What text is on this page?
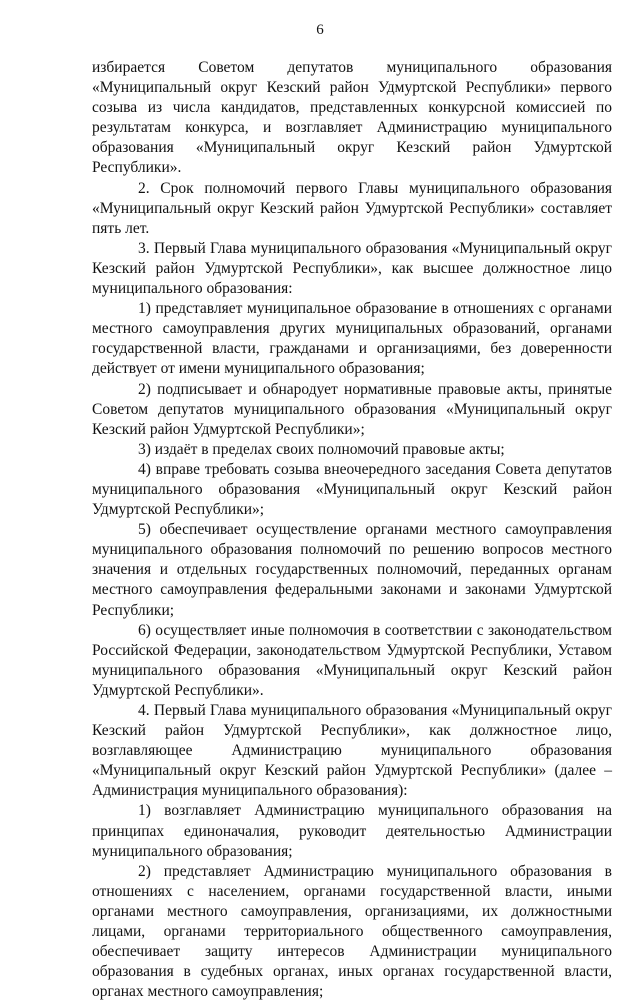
6

избирается Советом депутатов муниципального образования «Муниципальный округ Кезский район Удмуртской Республики» первого созыва из числа кандидатов, представленных конкурсной комиссией по результатам конкурса, и возглавляет Администрацию муниципального образования «Муниципальный округ Кезский район Удмуртской Республики».

2. Срок полномочий первого Главы муниципального образования «Муниципальный округ Кезский район Удмуртской Республики» составляет пять лет.

3. Первый Глава муниципального образования «Муниципальный округ Кезский район Удмуртской Республики», как высшее должностное лицо муниципального образования:

1) представляет муниципальное образование в отношениях с органами местного самоуправления других муниципальных образований, органами государственной власти, гражданами и организациями, без доверенности действует от имени муниципального образования;

2) подписывает и обнародует нормативные правовые акты, принятые Советом депутатов муниципального образования «Муниципальный округ Кезский район Удмуртской Республики»;

3) издаёт в пределах своих полномочий правовые акты;

4) вправе требовать созыва внеочередного заседания Совета депутатов муниципального образования «Муниципальный округ Кезский район Удмуртской Республики»;

5) обеспечивает осуществление органами местного самоуправления муниципального образования полномочий по решению вопросов местного значения и отдельных государственных полномочий, переданных органам местного самоуправления федеральными законами и законами Удмуртской Республики;

6) осуществляет иные полномочия в соответствии с законодательством Российской Федерации, законодательством Удмуртской Республики, Уставом муниципального образования «Муниципальный округ Кезский район Удмуртской Республики».

4. Первый Глава муниципального образования «Муниципальный округ Кезский район Удмуртской Республики», как должностное лицо, возглавляющее Администрацию муниципального образования «Муниципальный округ Кезский район Удмуртской Республики» (далее – Администрация муниципального образования):

1) возглавляет Администрацию муниципального образования на принципах единоначалия, руководит деятельностью Администрации муниципального образования;

2) представляет Администрацию муниципального образования в отношениях с населением, органами государственной власти, иными органами местного самоуправления, организациями, их должностными лицами, органами территориального общественного самоуправления, обеспечивает защиту интересов Администрации муниципального образования в судебных органах, иных органах государственной власти, органах местного самоуправления;
